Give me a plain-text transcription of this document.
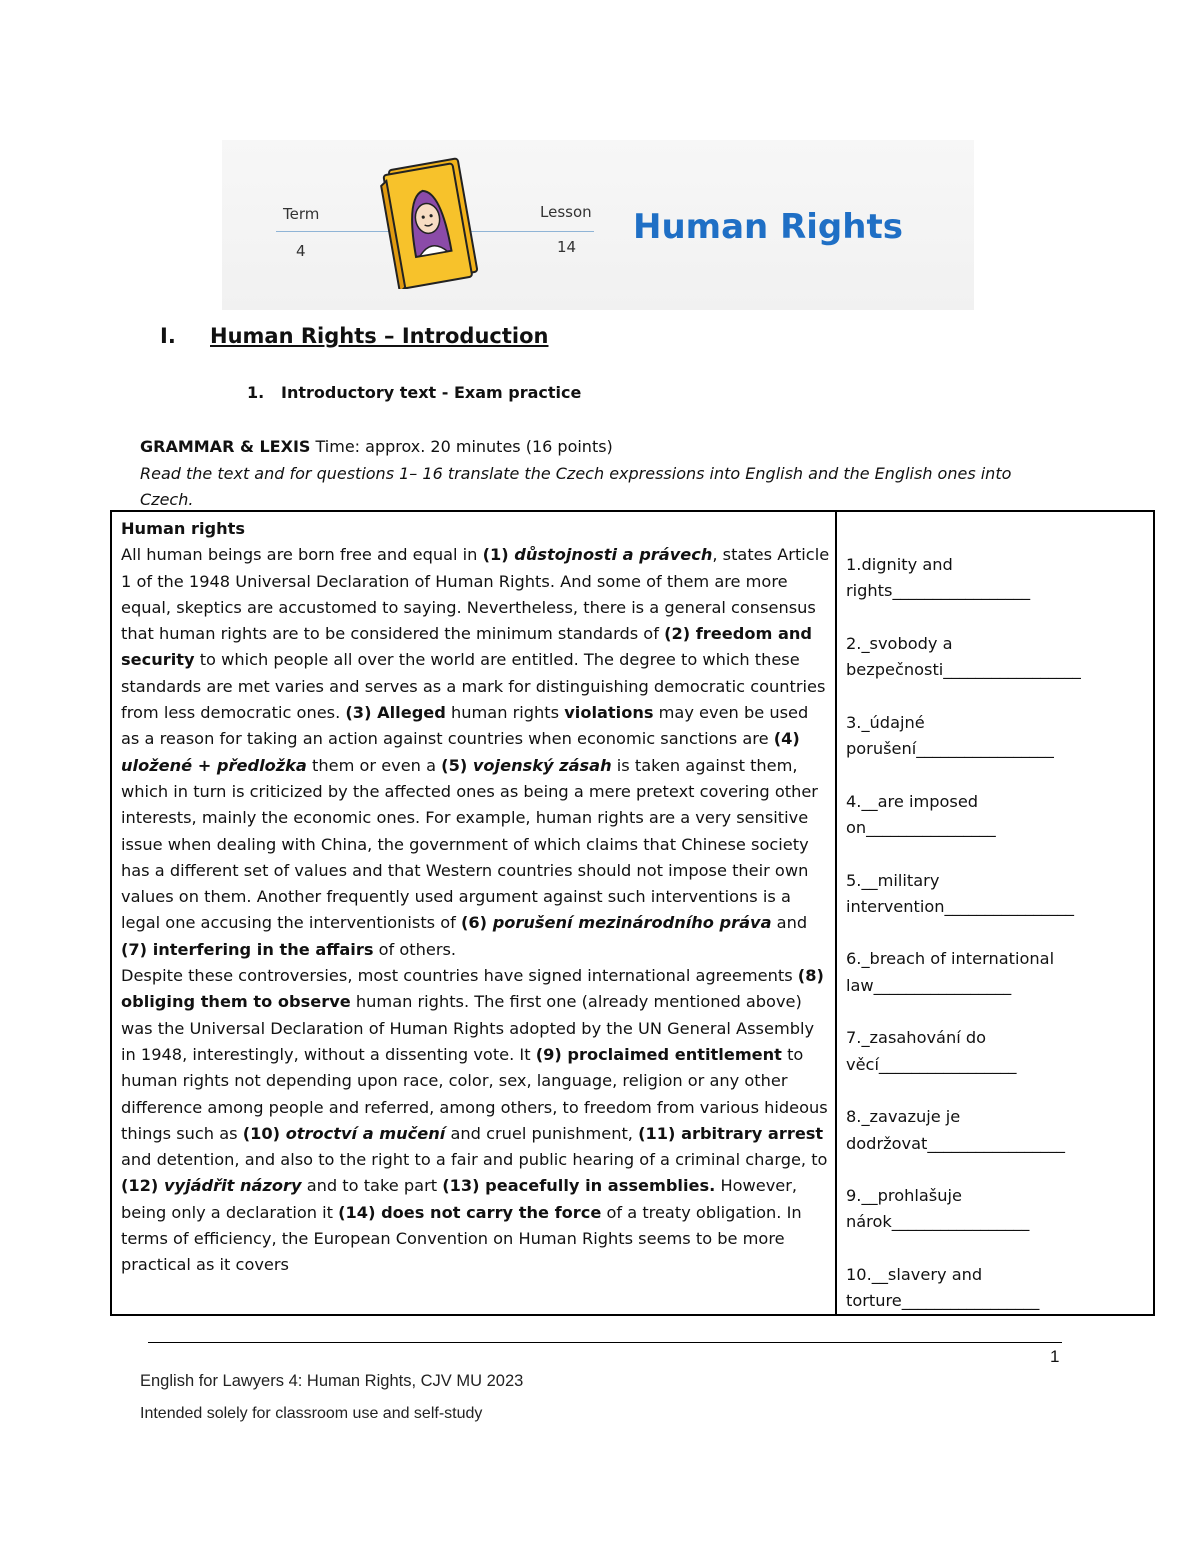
Term
4
Lesson
14 Human Rights
I. Human Rights – Introduction
1. Introductory text - Exam practice
GRAMMAR & LEXIS Time: approx. 20 minutes (16 points)
Read the text and for questions 1– 16 translate the Czech expressions into English and the English ones into Czech.

Human rights

All human beings are born free and equal in (1) důstojnosti a právech, states Article 1 of the 1948 Universal Declaration of Human Rights. And some of them are more equal, skeptics are accustomed to saying. Nevertheless, there is a general consensus that human rights are to be considered the minimum standards of (2) freedom and security to which people all over the world are entitled. The degree to which these standards are met varies and serves as a mark for distinguishing democratic countries from less democratic ones. (3) Alleged human rights violations may even be used as a reason for taking an action against countries when economic sanctions are (4) uložené + předložka them or even a (5) vojenský zásah is taken against them, which in turn is criticized by the affected ones as being a mere pretext covering other interests, mainly the economic ones. For example, human rights are a very sensitive issue when dealing with China, the government of which claims that Chinese society has a different set of values and that Western countries should not impose their own values on them. Another frequently used argument against such interventions is a legal one accusing the interventionists of (6) porušení mezinárodního práva and (7) interfering in the affairs of others.

Despite these controversies, most countries have signed international agreements (8) obliging them to observe human rights. The first one (already mentioned above) was the Universal Declaration of Human Rights adopted by the UN General Assembly in 1948, interestingly, without a dissenting vote. It (9) proclaimed entitlement to human rights not depending upon race, color, sex, language, religion or any other difference among people and referred, among others, to freedom from various hideous things such as (10) otroctví a mučení and cruel punishment, (11) arbitrary arrest and detention, and also to the right to a fair and public hearing of a criminal charge, to (12) vyjádřit názory and to take part (13) peacefully in assemblies. However, being only a declaration it (14) does not carry the force of a treaty obligation. In terms of efficiency, the European Convention on Human Rights seems to be more practical as it covers

1.dignity and
rights_________________
2._svobody a
bezpečnosti_________________
3._údajné
porušení_________________
4.__are imposed
on________________
5.__military
intervention________________
6._breach of international
law_________________
7._zasahování do
věcí_________________
8._zavazuje je
dodržovat_________________
9.__prohlašuje
nárok_________________
10.__slavery and
torture_________________
1
English for Lawyers 4: Human Rights, CJV MU 2023
Intended solely for classroom use and self-study
